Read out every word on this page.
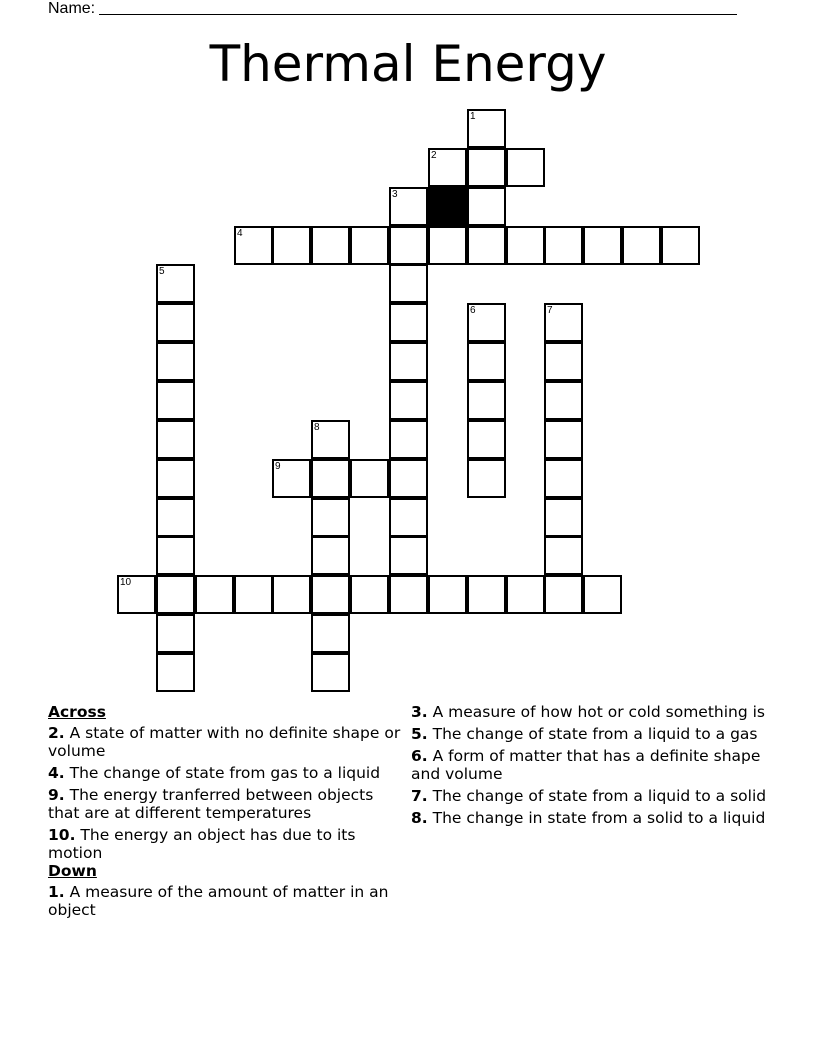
Name:
Thermal Energy
1
2
3
4
5
6	7
8
9
10
Across
2. A state of matter with no definite shape or volume
4. The change of state from gas to a liquid
9. The energy tranferred between objects that are at different temperatures
10. The energy an object has due to its motion
Down
1. A measure of the amount of matter in an object
3. A measure of how hot or cold something is
5. The change of state from a liquid to a gas
6. A form of matter that has a definite shape and volume
7. The change of state from a liquid to a solid
8. The change in state from a solid to a liquid
